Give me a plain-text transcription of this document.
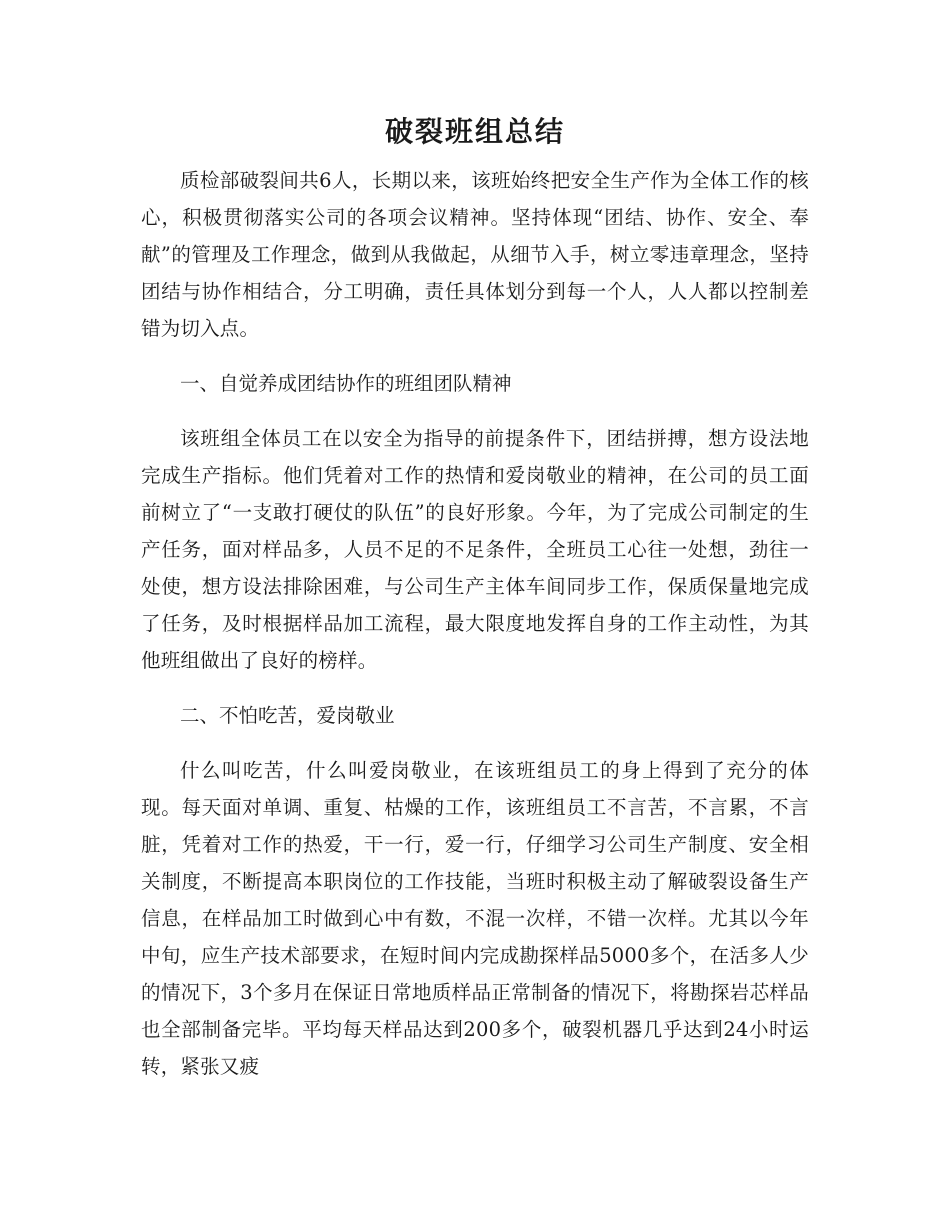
破裂班组总结

质检部破裂间共6人，长期以来，该班始终把安全生产作为全体工作的核心，积极贯彻落实公司的各项会议精神。坚持体现“团结、协作、安全、奉献”的管理及工作理念，做到从我做起，从细节入手，树立零违章理念，坚持团结与协作相结合，分工明确，责任具体划分到每一个人，人人都以控制差错为切入点。

一、自觉养成团结协作的班组团队精神

该班组全体员工在以安全为指导的前提条件下，团结拼搏，想方设法地完成生产指标。他们凭着对工作的热情和爱岗敬业的精神，在公司的员工面前树立了“一支敢打硬仗的队伍”的良好形象。今年，为了完成公司制定的生产任务，面对样品多，人员不足的不足条件，全班员工心往一处想，劲往一处使，想方设法排除困难，与公司生产主体车间同步工作，保质保量地完成了任务，及时根据样品加工流程，最大限度地发挥自身的工作主动性，为其他班组做出了良好的榜样。

二、不怕吃苦，爱岗敬业

什么叫吃苦，什么叫爱岗敬业，在该班组员工的身上得到了充分的体现。每天面对单调、重复、枯燥的工作，该班组员工不言苦，不言累，不言脏，凭着对工作的热爱，干一行，爱一行，仔细学习公司生产制度、安全相关制度，不断提高本职岗位的工作技能，当班时积极主动了解破裂设备生产信息，在样品加工时做到心中有数，不混一次样，不错一次样。尤其以今年中旬，应生产技术部要求，在短时间内完成勘探样品5000多个，在活多人少的情况下，3个多月在保证日常地质样品正常制备的情况下，将勘探岩芯样品也全部制备完毕。平均每天样品达到200多个，破裂机器几乎达到24小时运转，紧张又疲
